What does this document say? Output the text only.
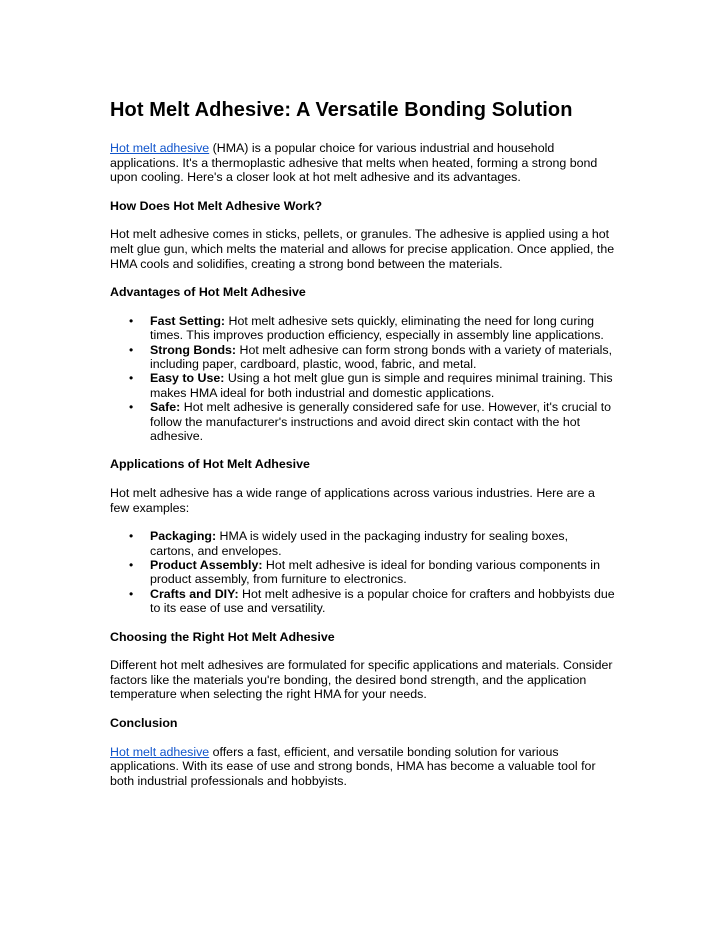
Hot Melt Adhesive: A Versatile Bonding Solution

Hot melt adhesive (HMA) is a popular choice for various industrial and household applications. It's a thermoplastic adhesive that melts when heated, forming a strong bond upon cooling. Here's a closer look at hot melt adhesive and its advantages.

How Does Hot Melt Adhesive Work?

Hot melt adhesive comes in sticks, pellets, or granules. The adhesive is applied using a hot melt glue gun, which melts the material and allows for precise application. Once applied, the HMA cools and solidifies, creating a strong bond between the materials.

Advantages of Hot Melt Adhesive
• Fast Setting: Hot melt adhesive sets quickly, eliminating the need for long curing times. This improves production efficiency, especially in assembly line applications.
• Strong Bonds: Hot melt adhesive can form strong bonds with a variety of materials, including paper, cardboard, plastic, wood, fabric, and metal.
• Easy to Use: Using a hot melt glue gun is simple and requires minimal training. This makes HMA ideal for both industrial and domestic applications.
• Safe: Hot melt adhesive is generally considered safe for use. However, it's crucial to follow the manufacturer's instructions and avoid direct skin contact with the hot adhesive.
Applications of Hot Melt Adhesive

Hot melt adhesive has a wide range of applications across various industries. Here are a few examples:

• Packaging: HMA is widely used in the packaging industry for sealing boxes, cartons, and envelopes.
• Product Assembly: Hot melt adhesive is ideal for bonding various components in product assembly, from furniture to electronics.
• Crafts and DIY: Hot melt adhesive is a popular choice for crafters and hobbyists due to its ease of use and versatility.
Choosing the Right Hot Melt Adhesive

Different hot melt adhesives are formulated for specific applications and materials. Consider factors like the materials you're bonding, the desired bond strength, and the application temperature when selecting the right HMA for your needs.

Conclusion

Hot melt adhesive offers a fast, efficient, and versatile bonding solution for various applications. With its ease of use and strong bonds, HMA has become a valuable tool for both industrial professionals and hobbyists.
